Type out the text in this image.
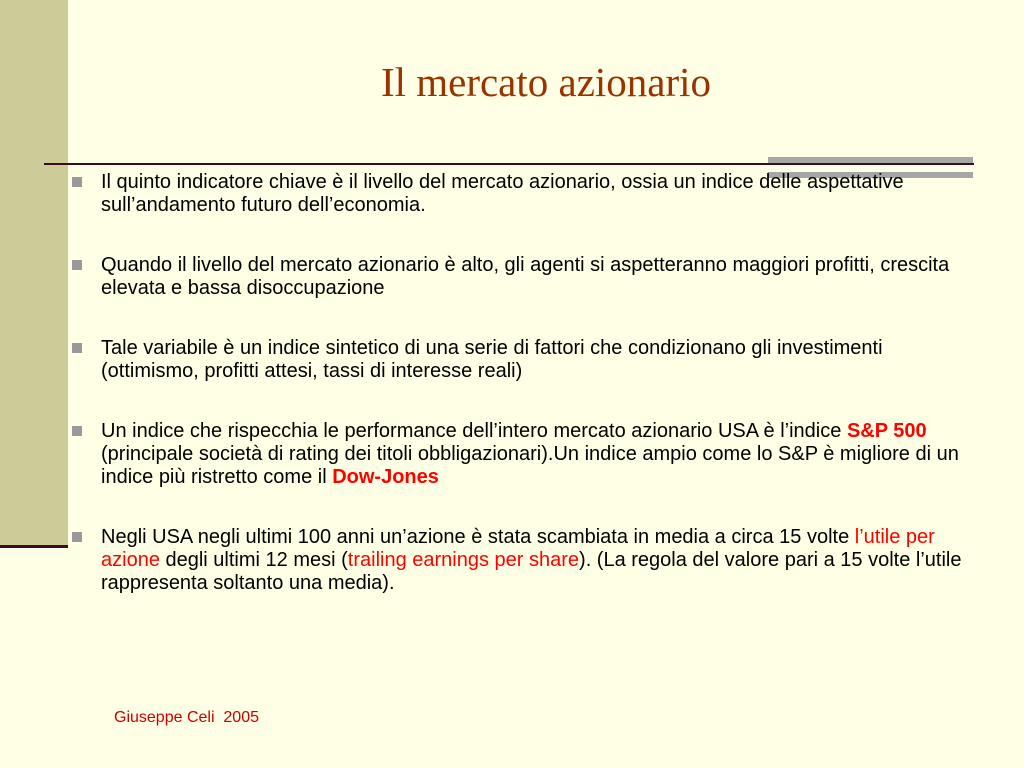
Il mercato azionario
Il quinto indicatore chiave è il livello del mercato azionario, ossia un indice delle aspettative sull’andamento futuro dell’economia.
Quando il livello del mercato azionario è alto, gli agenti si aspetteranno maggiori profitti, crescita elevata e bassa disoccupazione
Tale variabile è un indice sintetico di una serie di fattori che condizionano gli investimenti (ottimismo, profitti attesi, tassi di interesse reali)
Un indice che rispecchia le performance dell’intero mercato azionario USA è l’indice S&P 500 (principale società di rating dei titoli obbligazionari).Un indice ampio come lo S&P è migliore di un indice più ristretto come il Dow-Jones
Negli USA negli ultimi 100 anni un’azione è stata scambiata in media a circa 15 volte l’utile per azione degli ultimi 12 mesi (trailing earnings per share). (La regola del valore pari a 15 volte l’utile rappresenta soltanto una media).
Giuseppe Celi  2005
